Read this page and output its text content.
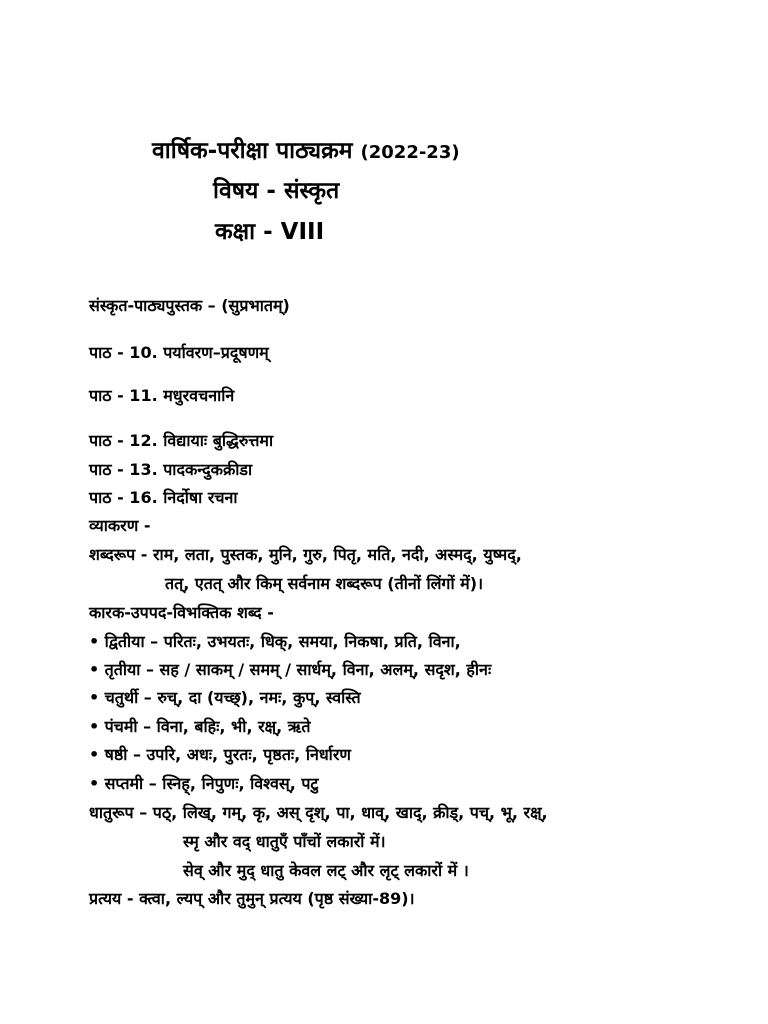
वार्षिक-परीक्षा पाठ्यक्रम (2022-23)
विषय - संस्कृत
कक्षा - VIII
संस्कृत-पाठ्यपुस्तक – (सुप्रभातम्)
पाठ - 10. पर्यावरण–प्रदूषणम्
पाठ - 11. मधुरवचनानि
पाठ - 12. विद्यायाः बुद्धिरुत्तमा
पाठ - 13. पादकन्दुकक्रीडा
पाठ - 16. निर्दोषा रचना
व्याकरण -
शब्दरूप - राम, लता, पुस्तक, मुनि, गुरु, पितृ, मति, नदी, अस्मद्, युष्मद्,
तत्, एतत् और किम् सर्वनाम शब्दरूप (तीनों लिंगों में)।
कारक-उपपद-विभक्तिक शब्द -
• द्वितीया – परितः, उभयतः, धिक्, समया, निकषा, प्रति, विना,
• तृतीया – सह / साकम् / समम् / सार्धम्, विना, अलम्, सदृश, हीनः
• चतुर्थी – रुच्, दा (यच्छ्), नमः, कुप्, स्वस्ति
• पंचमी – विना, बहिः, भी, रक्ष्, ऋते
• षष्ठी – उपरि, अधः, पुरतः, पृष्ठतः, निर्धारण
• सप्तमी – स्निह्, निपुणः, विश्वस्, पटु
धातुरूप – पठ्, लिख्, गम्, कृ, अस् दृश्, पा, धाव्, खाद्, क्रीड्, पच्, भू, रक्ष्,
स्मृ और वद् धातुएँ पाँचों लकारों में।
सेव् और मुद् धातु केवल लट् और लृट् लकारों में ।
प्रत्यय - क्त्वा, ल्यप् और तुमुन् प्रत्यय (पृष्ठ संख्या-89)।
